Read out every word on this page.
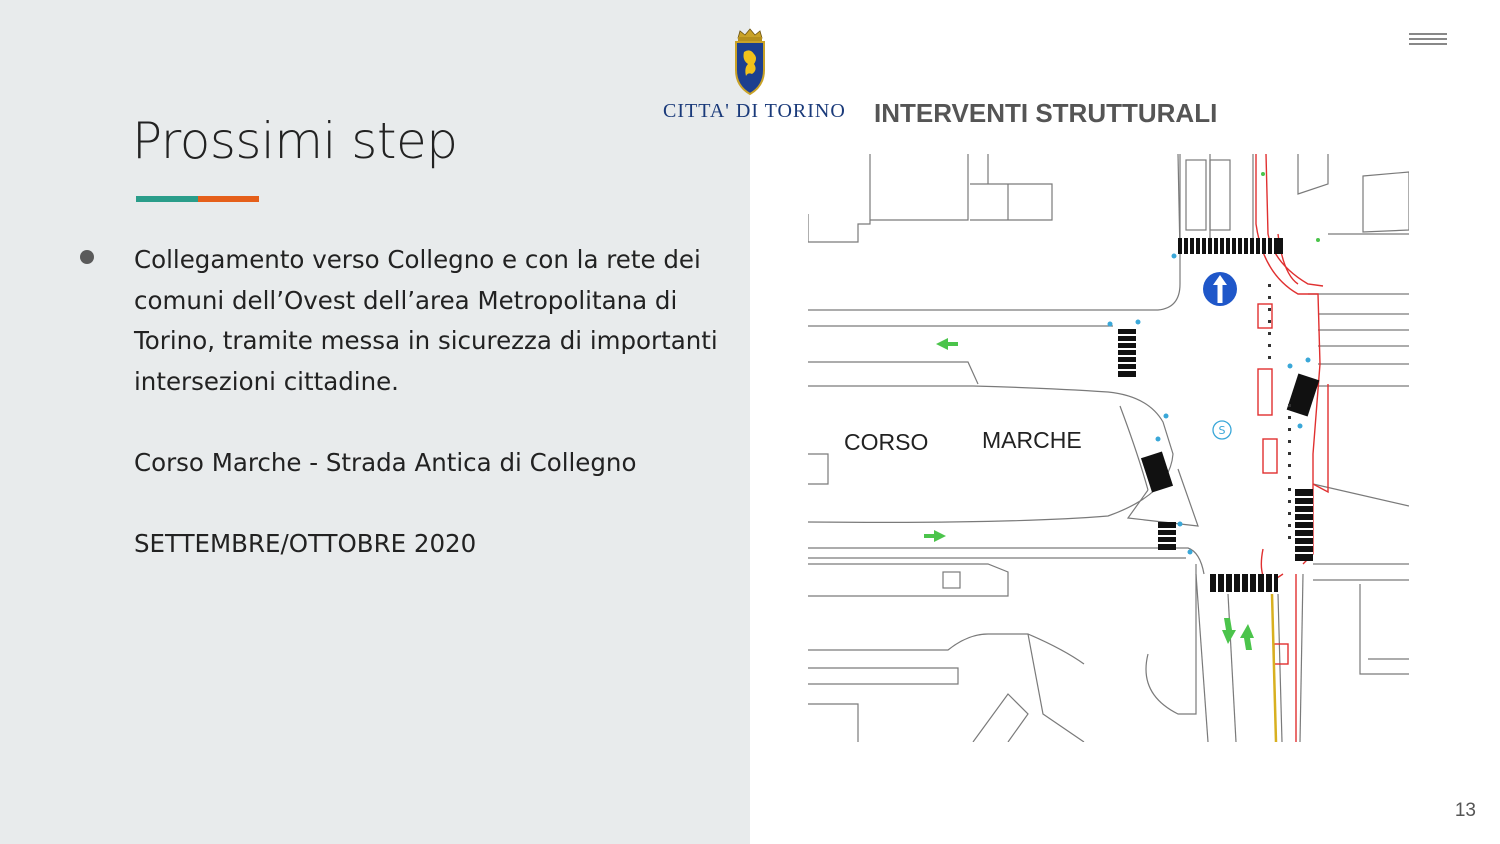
Prossimi step

Collegamento verso Collegno e con la rete dei comuni dell’Ovest dell’area Metropolitana di Torino, tramite messa in sicurezza di importanti intersezioni cittadine.

Corso Marche - Strada Antica di Collegno

SETTEMBRE/OTTOBRE 2020

CITTA' DI TORINO INTERVENTI STRUTTURALI
S
CORSO MARCHE
13
